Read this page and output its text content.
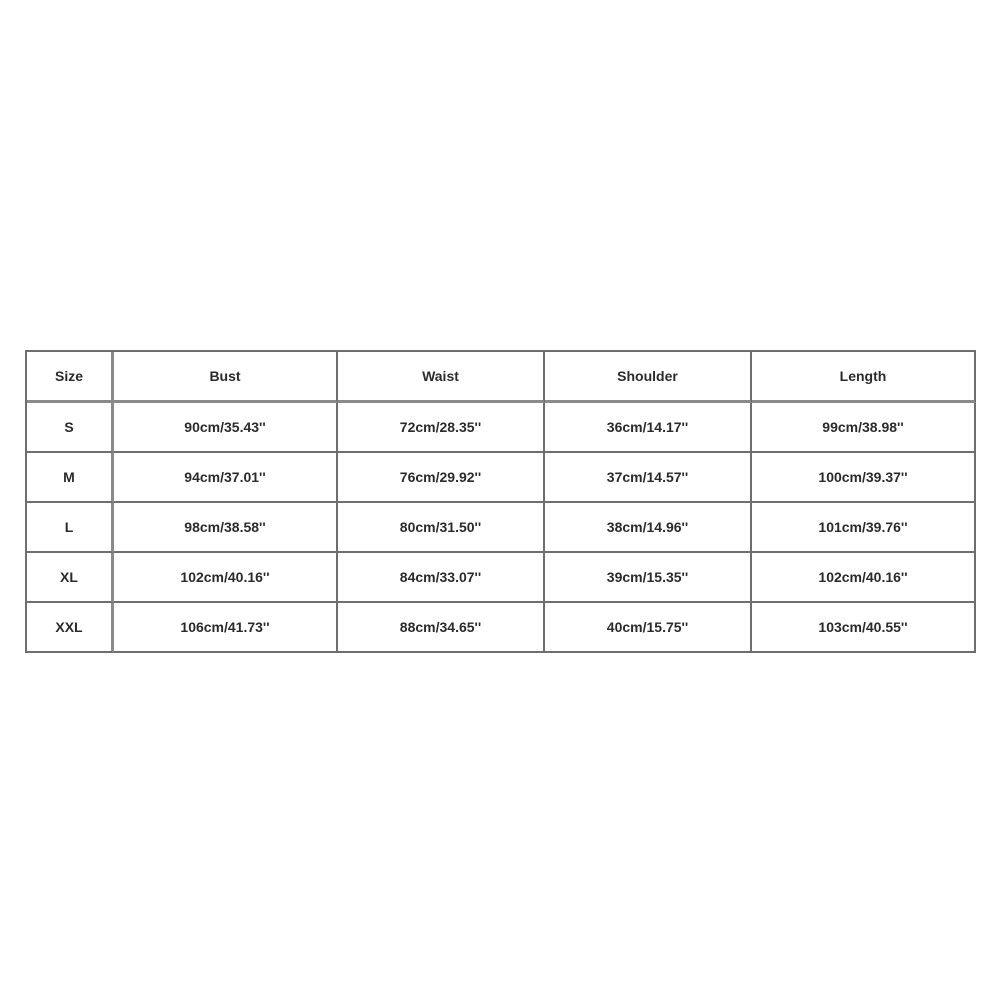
Size	Bust	Waist	Shoulder	Length
S	90cm/35.43''	72cm/28.35''	36cm/14.17''	99cm/38.98''
M	94cm/37.01''	76cm/29.92''	37cm/14.57''	100cm/39.37''
L	98cm/38.58''	80cm/31.50''	38cm/14.96''	101cm/39.76''
XL	102cm/40.16''	84cm/33.07''	39cm/15.35''	102cm/40.16''
XXL	106cm/41.73''	88cm/34.65''	40cm/15.75''	103cm/40.55''
